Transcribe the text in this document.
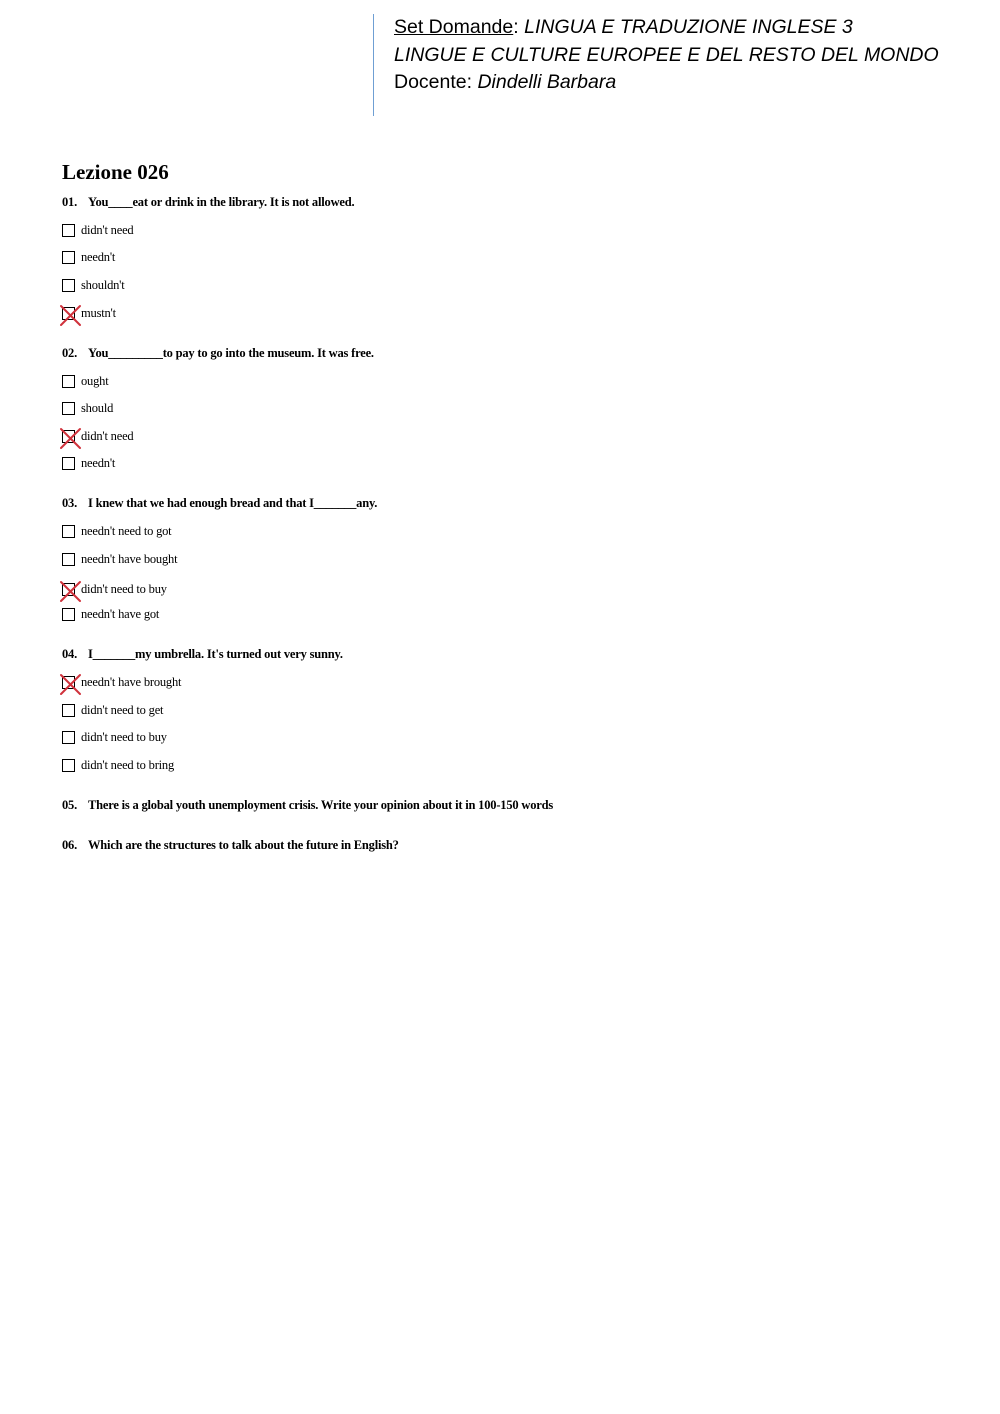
Set Domande: LINGUA E TRADUZIONE INGLESE 3
LINGUE E CULTURE EUROPEE E DEL RESTO DEL MONDO
Docente: Dindelli Barbara
Lezione 026
01. You____eat or drink in the library. It is not allowed.
didn't need
needn't
shouldn't
mustn't
02. You_________to pay to go into the museum. It was free.
ought
should
didn't need
needn't
03. I knew that we had enough bread and that I_______any.
needn't need to got
needn't have bought
didn't need to buy
needn't have got
04. I_______my umbrella. It's turned out very sunny.
needn't have brought
didn't need to get
didn't need to buy
didn't need to bring
05. There is a global youth unemployment crisis. Write your opinion about it in 100-150 words
06. Which are the structures to talk about the future in English?
